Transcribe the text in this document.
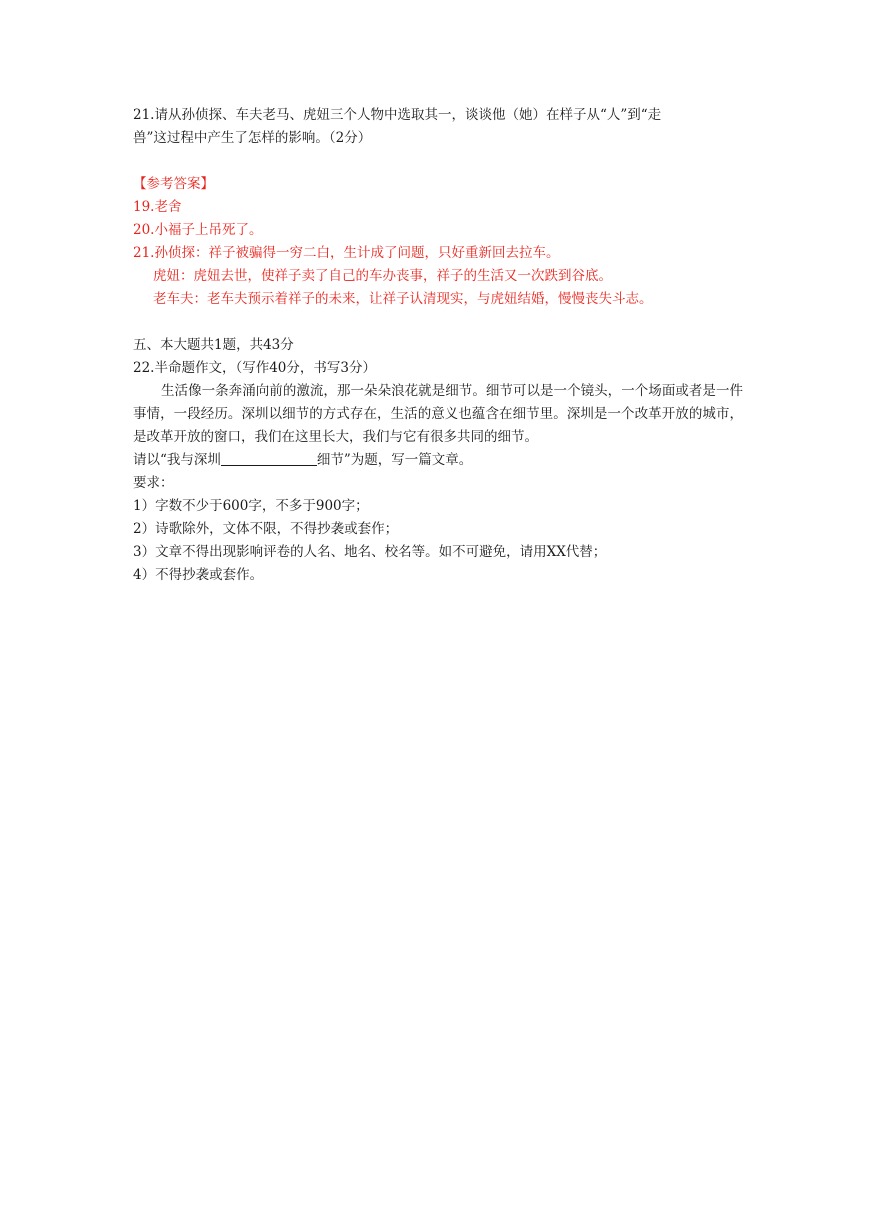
21.请从孙侦探、车夫老马、虎妞三个人物中选取其一，谈谈他（她）在样子从“人”到“走
兽”这过程中产生了怎样的影响。（2分）
【参考答案】
19.老舍
20.小福子上吊死了。
21.孙侦探：祥子被骗得一穷二白，生计成了问题，只好重新回去拉车。
虎妞：虎妞去世，使祥子卖了自己的车办丧事，祥子的生活又一次跌到谷底。
老车夫：老车夫预示着祥子的未来，让祥子认清现实，与虎妞结婚，慢慢丧失斗志。
五、本大题共1题，共43分
22.半命题作文，（写作40分，书写3分）
生活像一条奔涌向前的激流，那一朵朵浪花就是细节。细节可以是一个镜头，一个场面或者是一件事情，一段经历。深圳以细节的方式存在，生活的意义也蕴含在细节里。深圳是一个改革开放的城市，是改革开放的窗口，我们在这里长大，我们与它有很多共同的细节。
请以“我与深圳	细节”为题，写一篇文章。
要求：
1）字数不少于600字，不多于900字；
2）诗歌除外，文体不限，不得抄袭或套作；
3）文章不得出现影响评卷的人名、地名、校名等。如不可避免，请用XX代替；
4）不得抄袭或套作。
